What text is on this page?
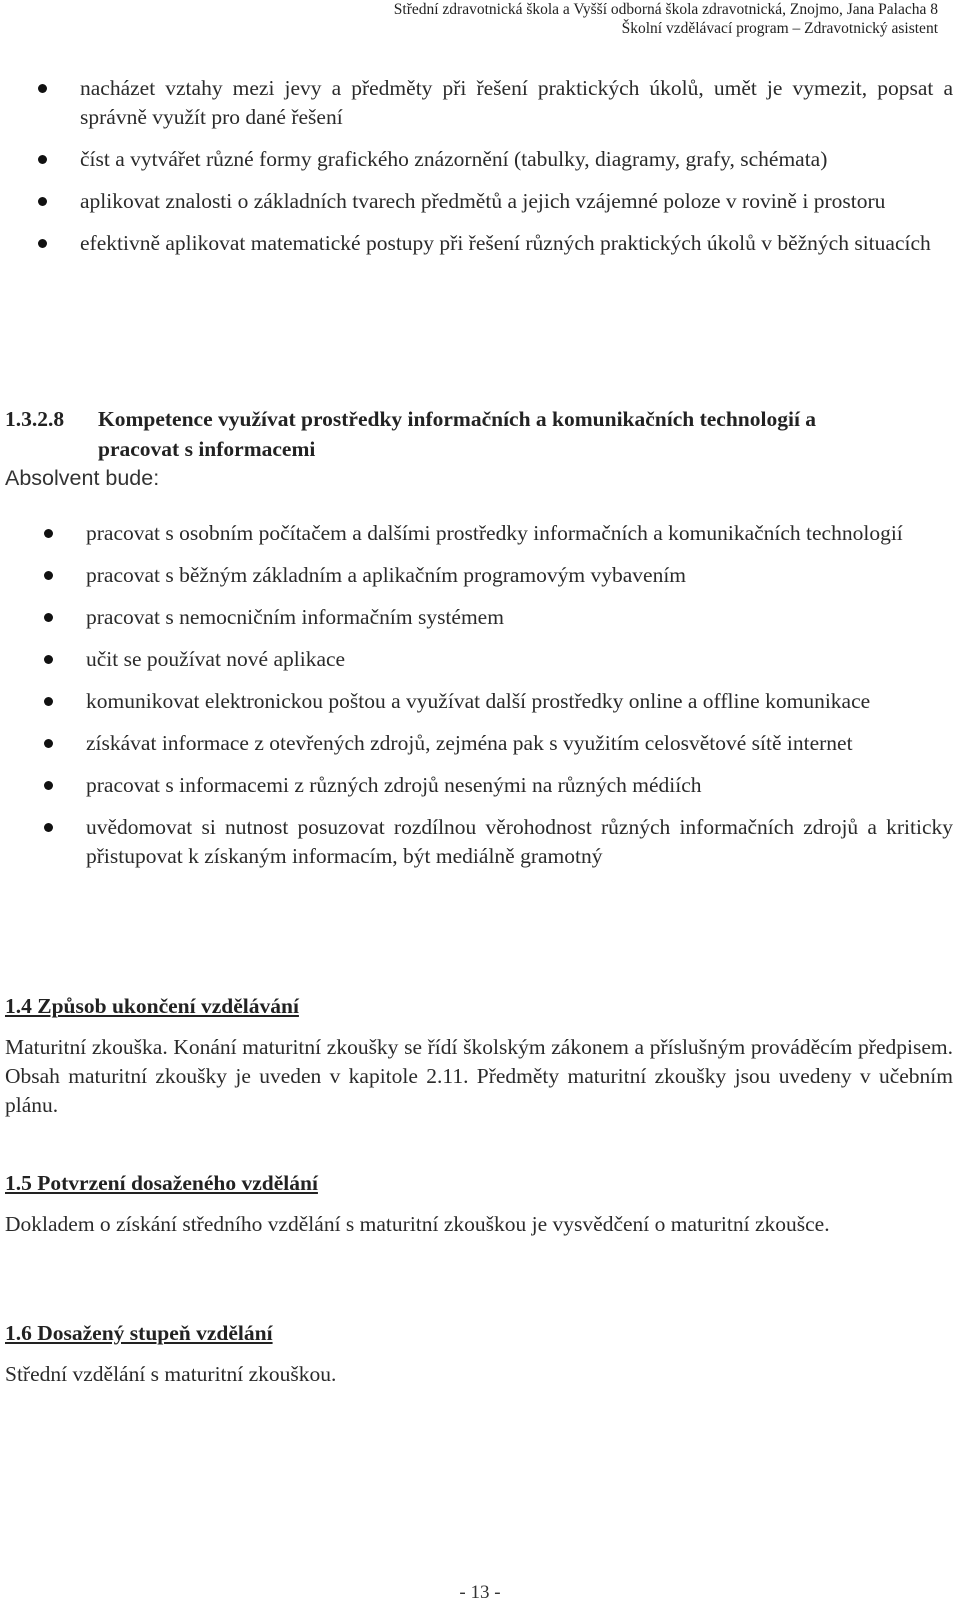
Střední zdravotnická škola a Vyšší odborná škola zdravotnická, Znojmo, Jana Palacha 8
Školní vzdělávací program – Zdravotnický asistent
nacházet vztahy mezi jevy a předměty při řešení praktických úkolů, umět je vymezit, popsat a správně využít pro dané řešení
číst a vytvářet různé formy grafického znázornění (tabulky, diagramy, grafy, schémata)
aplikovat znalosti o základních tvarech předmětů a jejich vzájemné poloze v rovině i prostoru
efektivně aplikovat matematické postupy při řešení různých praktických úkolů v běžných situacích
1.3.2.8 Kompetence využívat prostředky informačních a komunikačních technologií a
pracovat s informacemi
Absolvent bude:
pracovat s osobním počítačem a dalšími prostředky informačních a komunikačních technologií
pracovat s běžným základním a aplikačním programovým vybavením
pracovat s nemocničním informačním systémem
učit se používat nové aplikace
komunikovat elektronickou poštou a využívat další prostředky online a offline komunikace
získávat informace z otevřených zdrojů, zejména pak s využitím celosvětové sítě internet
pracovat s informacemi z různých zdrojů nesenými na různých médiích
uvědomovat si nutnost posuzovat rozdílnou věrohodnost různých informačních zdrojů a kriticky přistupovat k získaným informacím, být mediálně gramotný
1.4 Způsob ukončení vzdělávání

Maturitní zkouška. Konání maturitní zkoušky se řídí školským zákonem a příslušným prováděcím předpisem. Obsah maturitní zkoušky je uveden v kapitole 2.11. Předměty maturitní zkoušky jsou uvedeny v učebním plánu.

1.5 Potvrzení dosaženého vzdělání

Dokladem o získání středního vzdělání s maturitní zkouškou je vysvědčení o maturitní zkoušce.

1.6 Dosažený stupeň vzdělání

Střední vzdělání s maturitní zkouškou.

- 13 -
